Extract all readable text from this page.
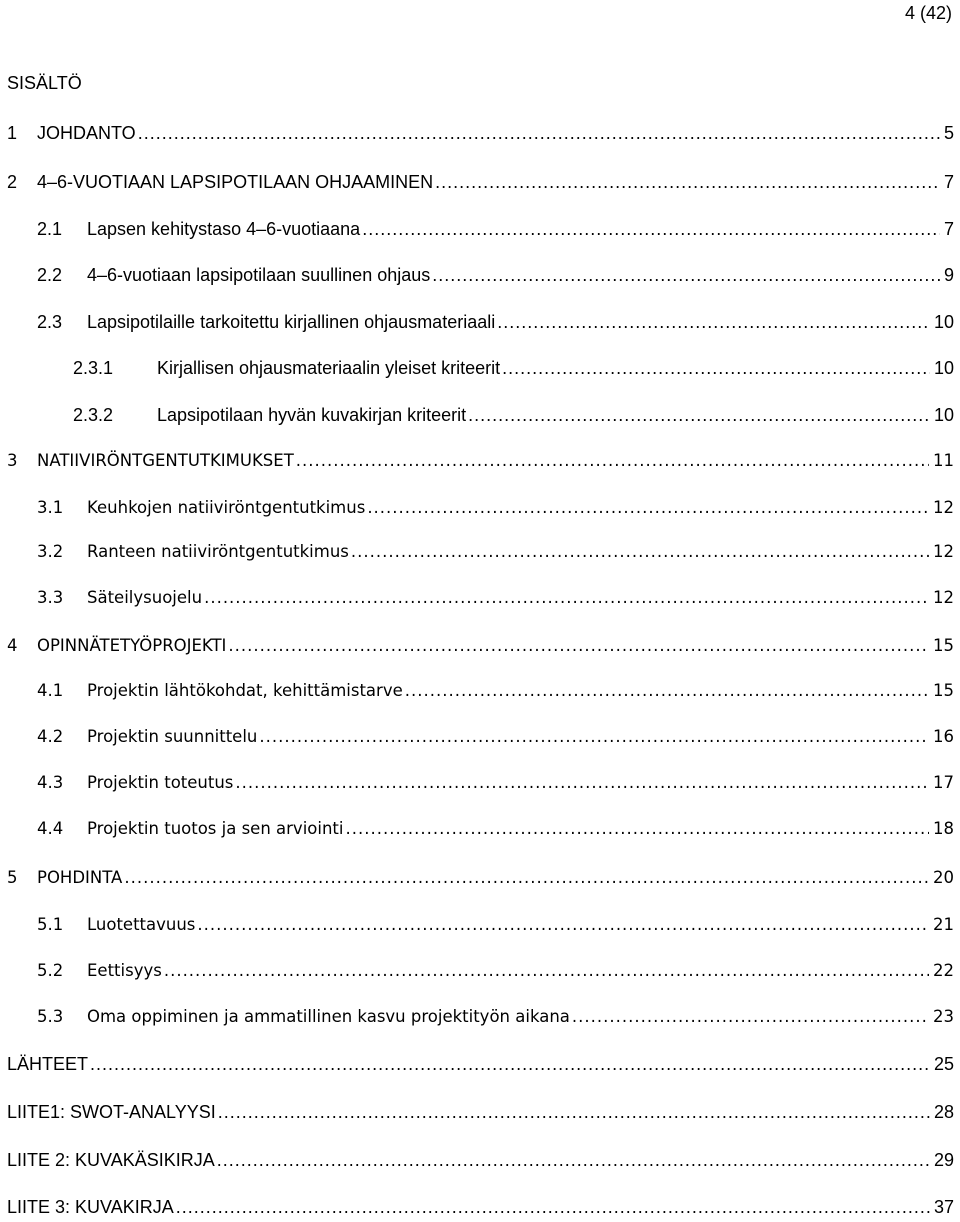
4 (42)
SISÄLTÖ
1 JOHDANTO .....	5
2 4–6-VUOTIAAN LAPSIPOTILAAN OHJAAMINEN .....	7
2.1 Lapsen kehitystaso 4–6-vuotiaana .....	7
2.2 4–6-vuotiaan lapsipotilaan suullinen ohjaus .....	9
2.3 Lapsipotilaille tarkoitettu kirjallinen ohjausmateriaali .....	10
2.3.1 Kirjallisen ohjausmateriaalin yleiset kriteerit .....	10
2.3.2 Lapsipotilaan hyvän kuvakirjan kriteerit .....	10
3 NATIIVIRÖNTGENTUTKIMUKSET .....	11
3.1 Keuhkojen natiiviröntgentutkimus .....	12
3.2 Ranteen natiiviröntgentutkimus .....	12
3.3 Säteilysuojelu .....	12
4 OPINNÄTETYÖPROJEKTI .....	15
4.1 Projektin lähtökohdat, kehittämistarve .....	15
4.2 Projektin suunnittelu .....	16
4.3 Projektin toteutus .....	17
4.4 Projektin tuotos ja sen arviointi .....	18
5 POHDINTA .....	20
5.1 Luotettavuus .....	21
5.2 Eettisyys .....	22
5.3 Oma oppiminen ja ammatillinen kasvu projektityön aikana .....	23
LÄHTEET .....	25
LIITE1: SWOT-ANALYYSI .....	28
LIITE 2: KUVAKÄSIKIRJA .....	29
LIITE 3: KUVAKIRJA .....	37
